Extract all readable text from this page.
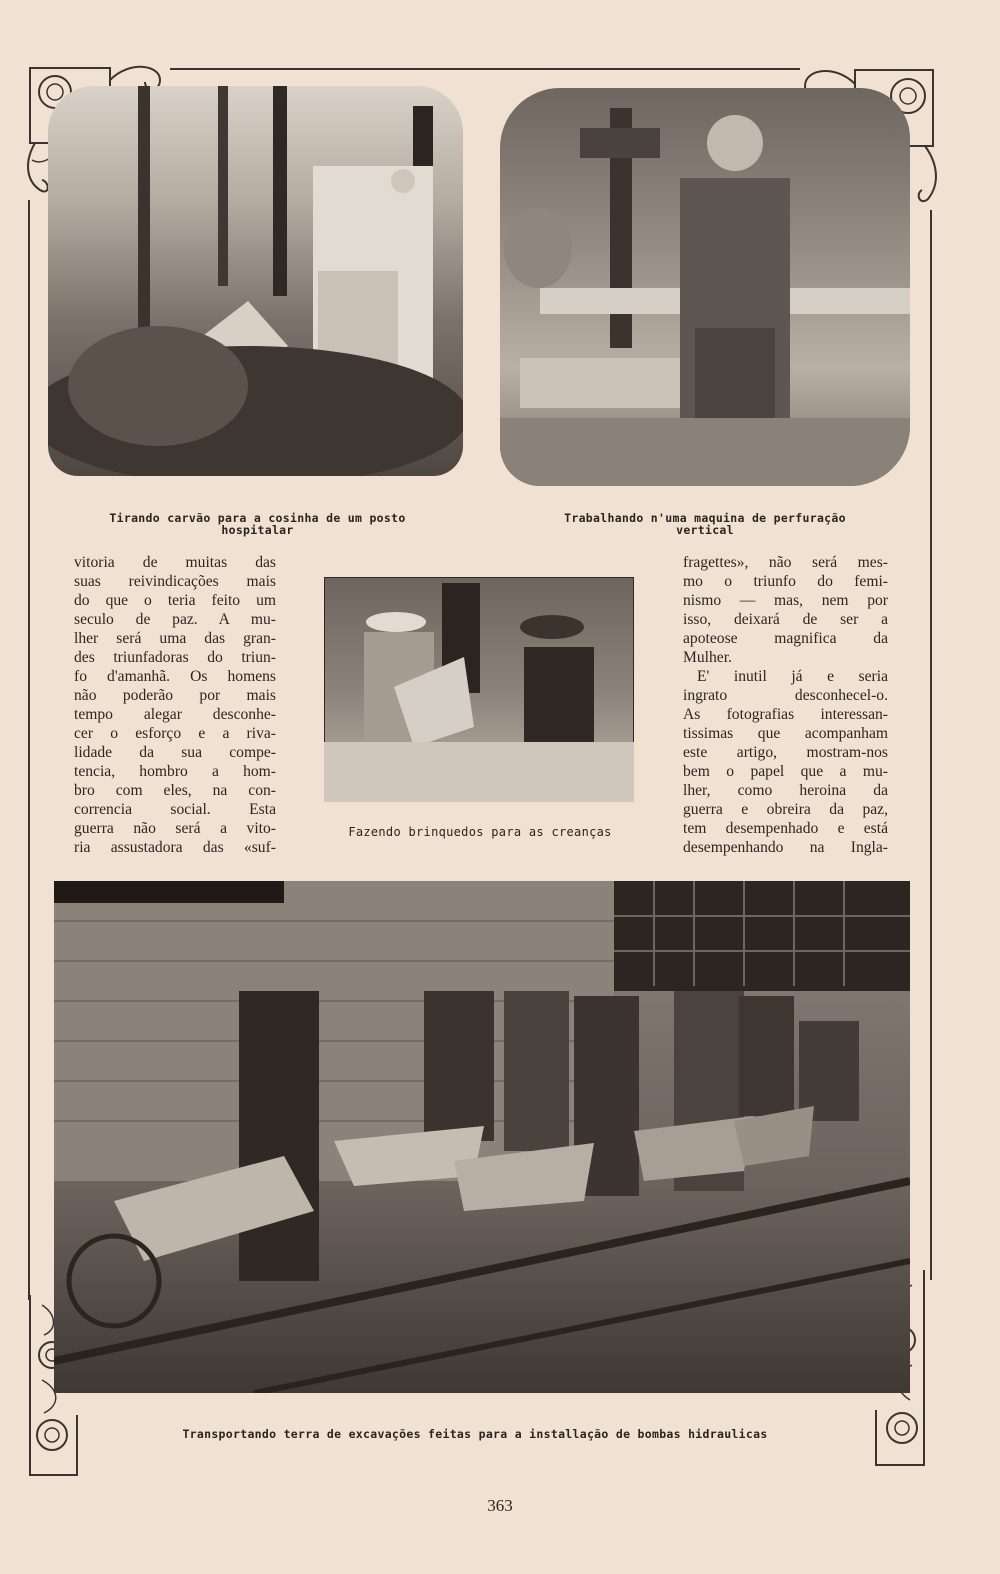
Tirando carvão para a cosinha de um posto hospitalar
Trabalhando n'uma maquina de perfuração vertical
vitoria de muitas das
suas reivindicações mais
do que o teria feito um
seculo de paz. A mu-
lher será uma das gran-
des triunfadoras do triun-
fo d'amanhã. Os homens
não poderão por mais
tempo alegar desconhe-
cer o esforço e a riva-
lidade da sua compe-
tencia, hombro a hom-
bro com eles, na con-
correncia social. Esta
guerra não será a vito-
ria assustadora das «suf-
Fazendo brinquedos para as creanças
fragettes», não será mes-
mo o triunfo do femi-
nismo — mas, nem por
isso, deixará de ser a
apoteose magnifica da
Mulher.
E' inutil já e seria
ingrato desconhecel-o.
As fotografias interessan-
tissimas que acompanham
este artigo, mostram-nos
bem o papel que a mu-
lher, como heroina da
guerra e obreira da paz,
tem desempenhado e está
desempenhando na Ingla-
Transportando terra de excavações feitas para a installação de bombas hidraulicas
363
